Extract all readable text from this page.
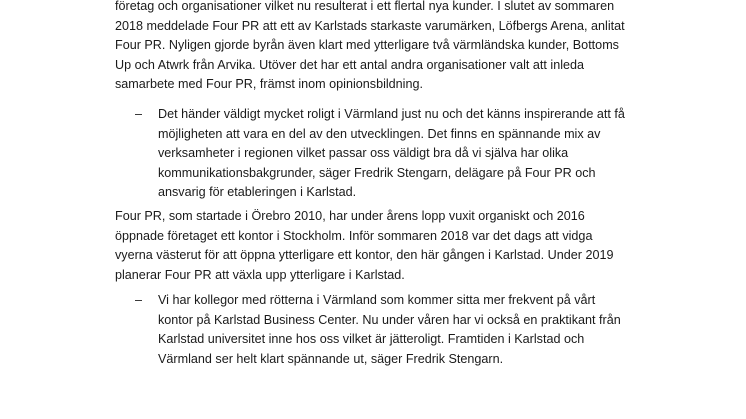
företag och organisationer vilket nu resulterat i ett flertal nya kunder. I slutet av sommaren
2018 meddelade Four PR att ett av Karlstads starkaste varumärken, Löfbergs Arena, anlitat
Four PR. Nyligen gjorde byrån även klart med ytterligare två värmländska kunder, Bottoms
Up och Atwrk från Arvika. Utöver det har ett antal andra organisationer valt att inleda
samarbete med Four PR, främst inom opinionsbildning.
– Det händer väldigt mycket roligt i Värmland just nu och det känns inspirerande att få
möjligheten att vara en del av den utvecklingen. Det finns en spännande mix av
verksamheter i regionen vilket passar oss väldigt bra då vi själva har olika
kommunikationsbakgrunder, säger Fredrik Stengarn, delägare på Four PR och
ansvarig för etableringen i Karlstad.
Four PR, som startade i Örebro 2010, har under årens lopp vuxit organiskt och 2016
öppnade företaget ett kontor i Stockholm. Inför sommaren 2018 var det dags att vidga
vyerna västerut för att öppna ytterligare ett kontor, den här gången i Karlstad. Under 2019
planerar Four PR att växla upp ytterligare i Karlstad.
– Vi har kollegor med rötterna i Värmland som kommer sitta mer frekvent på vårt
kontor på Karlstad Business Center. Nu under våren har vi också en praktikant från
Karlstad universitet inne hos oss vilket är jätteroligt. Framtiden i Karlstad och
Värmland ser helt klart spännande ut, säger Fredrik Stengarn.
